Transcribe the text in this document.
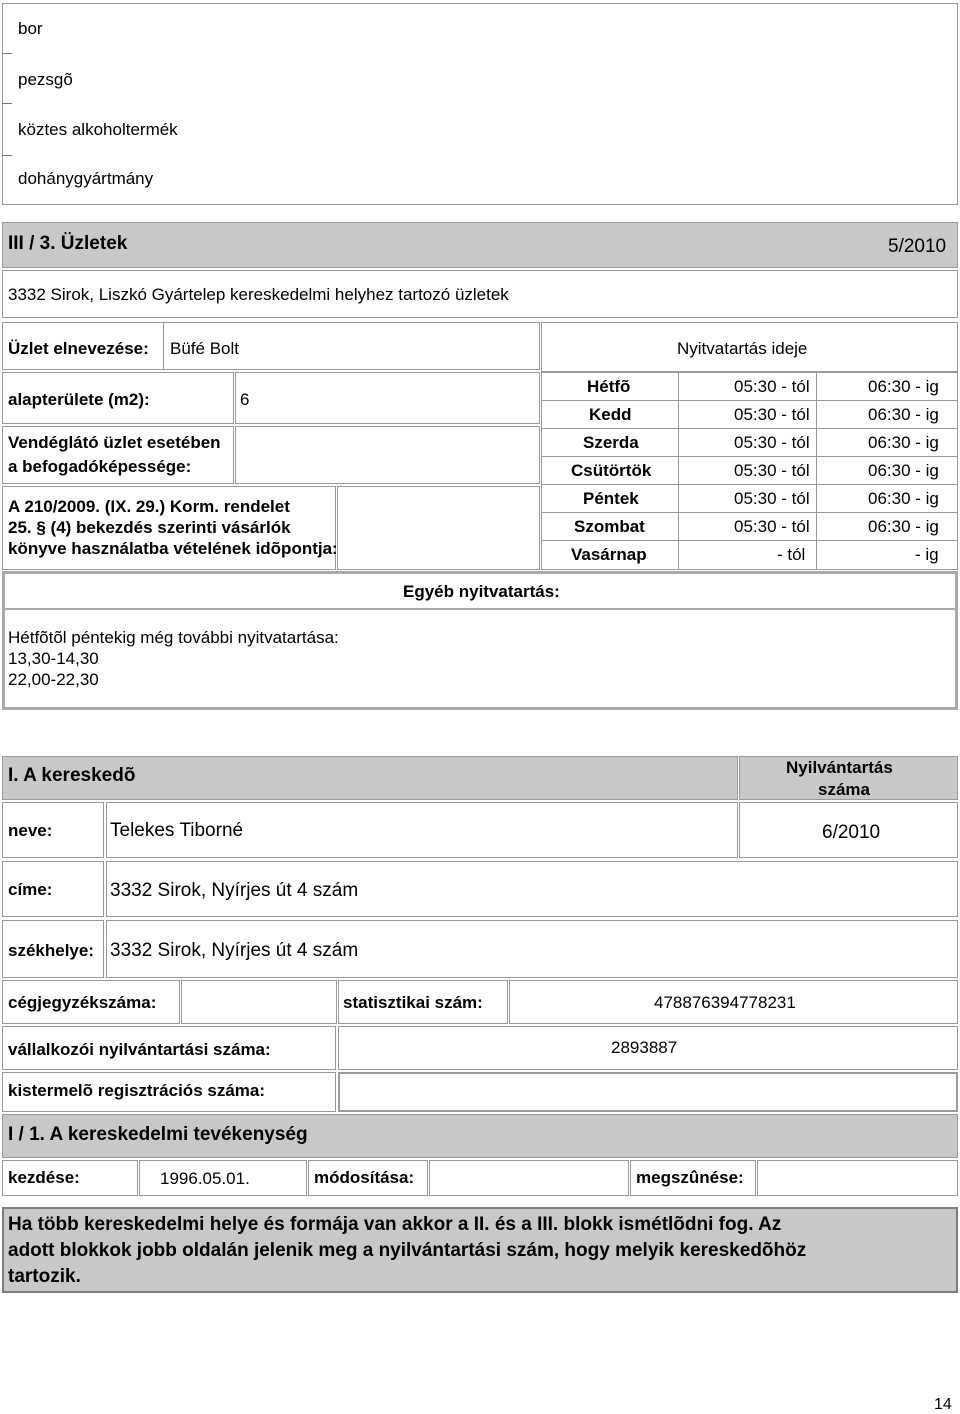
bor
pezsgõ
köztes alkoholtermék
dohánygyártmány
III / 3. Üzletek	5/2010
3332 Sirok, Liszkó Gyártelep kereskedelmi helyhez tartozó üzletek
Üzlet elnevezése: Büfé Bolt
alapterülete (m2):	6
Vendéglátó üzlet esetében
a befogadóképessége:
A 210/2009. (IX. 29.) Korm. rendelet
25. § (4) bekezdés szerinti vásárlók
könyve használatba vételének idõpontja:
Nyitvatartás ideje
Hétfõ	05:30 - tól	06:30 - ig
Kedd	05:30 - tól	06:30 - ig
Szerda	05:30 - tól	06:30 - ig
Csütörtök	05:30 - tól	06:30 - ig
Péntek	05:30 - tól	06:30 - ig
Szombat	05:30 - tól	06:30 - ig
Vasárnap	- tól	- ig
Egyéb nyitvatartás:
Hétfõtõl péntekig még további nyitvatartása:
13,30-14,30
22,00-22,30
I. A kereskedõ	Nyilvántartás
száma
neve:	Telekes Tiborné	6/2010
címe:	3332 Sirok, Nyírjes út 4 szám
székhelye: 3332 Sirok, Nyírjes út 4 szám
cégjegyzékszáma:	statisztikai szám:	478876394778231
vállalkozói nyilvántartási száma:	2893887
kistermelõ regisztrációs száma:
I / 1. A kereskedelmi tevékenység
kezdése:	1996.05.01.	módosítása:	megszûnése:
Ha több kereskedelmi helye és formája van akkor a II. és a III. blokk ismétlõdni fog. Az
adott blokkok jobb oldalán jelenik meg a nyilvántartási szám, hogy melyik kereskedõhöz
tartozik.
14
